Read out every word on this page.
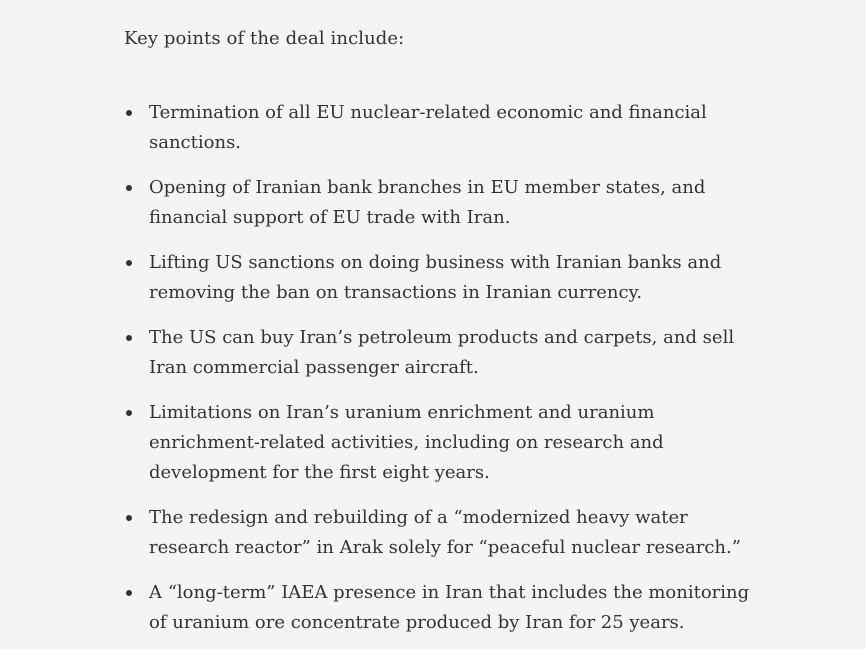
Key points of the deal include:

Termination of all EU nuclear-related economic and financial sanctions.
Opening of Iranian bank branches in EU member states, and financial support of EU trade with Iran.
Lifting US sanctions on doing business with Iranian banks and removing the ban on transactions in Iranian currency.
The US can buy Iran’s petroleum products and carpets, and sell Iran commercial passenger aircraft.
Limitations on Iran’s uranium enrichment and uranium enrichment-related activities, including on research and development for the first eight years.
The redesign and rebuilding of a “modernized heavy water research reactor” in Arak solely for “peaceful nuclear research.”
A “long-term” IAEA presence in Iran that includes the monitoring of uranium ore concentrate produced by Iran for 25 years.
